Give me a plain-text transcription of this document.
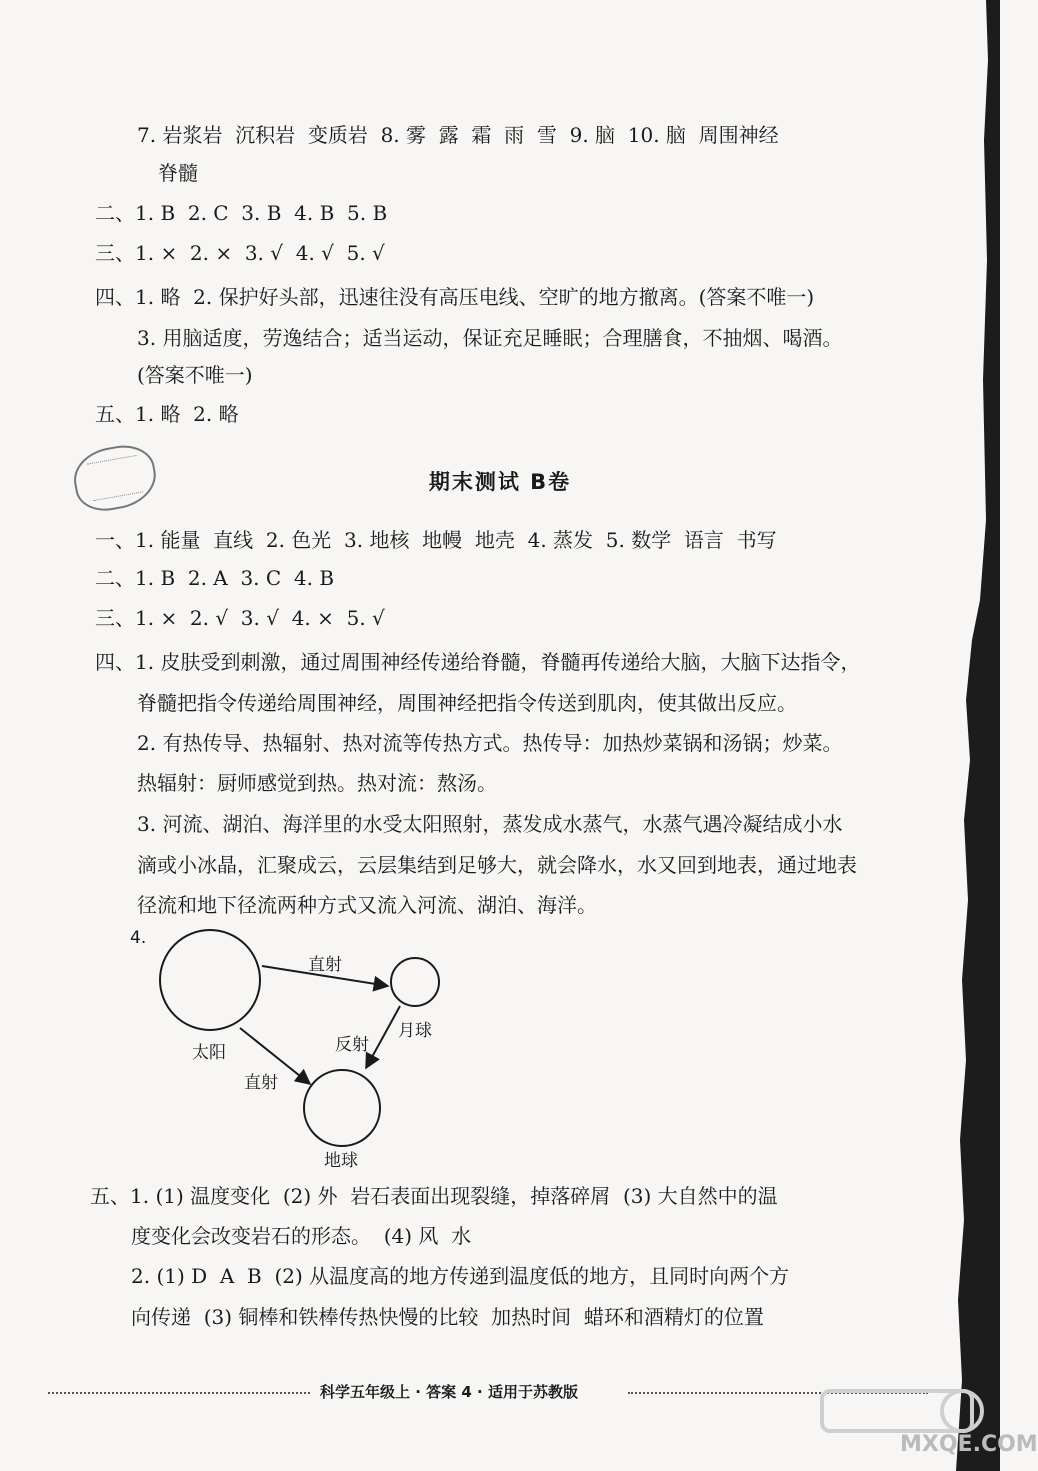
7. 岩浆岩  沉积岩  变质岩  8. 雾  露  霜  雨  雪  9. 脑  10. 脑  周围神经
脊髓
二、1. B  2. C  3. B  4. B  5. B
三、1. ×  2. ×  3. √  4. √  5. √
四、1. 略  2. 保护好头部，迅速往没有高压电线、空旷的地方撤离。(答案不唯一)
3. 用脑适度，劳逸结合；适当运动，保证充足睡眠；合理膳食，不抽烟、喝酒。
(答案不唯一)
五、1. 略  2. 略
期末测试 B卷
一、1. 能量  直线  2. 色光  3. 地核  地幔  地壳  4. 蒸发  5. 数学  语言  书写
二、1. B  2. A  3. C  4. B
三、1. ×  2. √  3. √  4. ×  5. √
四、1. 皮肤受到刺激，通过周围神经传递给脊髓，脊髓再传递给大脑，大脑下达指令，
脊髓把指令传递给周围神经，周围神经把指令传送到肌肉，使其做出反应。
2. 有热传导、热辐射、热对流等传热方式。热传导：加热炒菜锅和汤锅；炒菜。
热辐射：厨师感觉到热。热对流：熬汤。
3. 河流、湖泊、海洋里的水受太阳照射，蒸发成水蒸气，水蒸气遇冷凝结成小水
滴或小冰晶，汇聚成云，云层集结到足够大，就会降水，水又回到地表，通过地表
径流和地下径流两种方式又流入河流、湖泊、海洋。
4.
直射
月球
反射
太阳
直射
地球
五、1. (1) 温度变化  (2) 外  岩石表面出现裂缝，掉落碎屑  (3) 大自然中的温
度变化会改变岩石的形态。  (4) 风  水
2. (1) D  A  B  (2) 从温度高的地方传递到温度低的地方，且同时向两个方
向传递  (3) 铜棒和铁棒传热快慢的比较  加热时间  蜡环和酒精灯的位置
科学五年级上 · 答案 4 · 适用于苏教版
MXQE.COM
